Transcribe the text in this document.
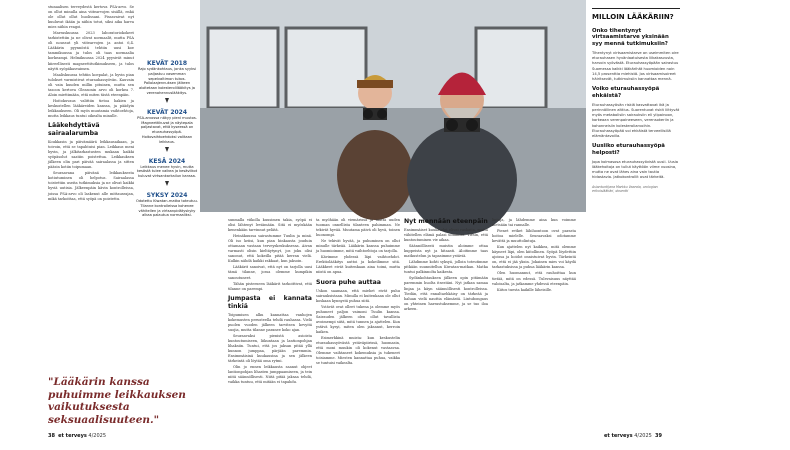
stunaalisen terveydestä kertova PSA-arvo. Se on ollut minulla aina viitearvojen sisällä, enkä ole ollut ollut huolissani. Pissavaivat nyt kuuluvat ikään ja niihin totut, siksi aika harva mies niihin reagoi.

Marraskuussa 2023 laboratoriokokeet tarkistettiin ja ne olivat normaalit, mutta PSA oli noussut yli viitearvojen ja antoi 6,4. Lääkärin pyynnöstä tehtiin uusi koe tammikuussa ja tulos oli taas normaalia korkeampi. Helmikuussa 2024 pyysivät minut kiireellisesti magneettitutkimukseen, ja tulos näytti syöpäkasvaimen.

Maaliskuussa tehtiin koepalat, ja hyvin pian tulokset varmistivat eturauhassyövän. Kauvain oli vain kuuden millin pituinen, mutta sen tasoon kertova Gleasonin arvo oli korkea 7. Aloin miettimään, että miten tästä eteenpäin.

Hoitokuvaus valittiin tietoa hakien ja keskustellen lääkäreiden kanssa, ja päädyin leikkaukseen. Oli myös muutamia vaihtoehtoja, mutta leikkaus tuntui oikealta minulle.

Lääkehdyttävä sairaalarumba

Koukkasin ja päivämäärä leikkausaikaan, ja toivoin, että se tapahtuisi pian. Leikkaus meni hyvin, ja jälkitarkastusten mukaan kaikki syöpäsolut saatiin poistettua. Leikkauksen jälkeen olin pari päivää sairaalassa ja sitten pääsin kotiin toipumaan.

Seuraavana päivänä leikkauksesta kotiutuminen oli helpotus. Sairaalassa toistettiin useita tutkimuksia ja ne olivat kaikki hyviä uutisia. Jälkeenpäin kävin kontrolleissa, joissa PSA-arvo oli laskenut alle mittausrajan, mikä tarkoittaa, että syöpä on poistettu.

KEVÄT 2018
Rajo sydänkohtaus, jonka syyksi paljastuu vasemman sepelvaltimon tukos. Pallolaajennuksen jälkeen aloitetaan kolesterolilääkitys ja verenohennuslääkitys.
KEVÄT 2024
PSA-arvossa näkyy pieni muutos. Magneettikuvat ja näytepala paljastavat, että kyseessä on eturauhassyöpä. Hoitovaihtoehdoksi valitaan leikkaus.
KESÄ 2024
Leikkaus menee hyvin, mutta kesästä tulee vaikea ja kesäviikot kuluvat virtsankarkailun kanssa.
SYKSY 2024
Odotettu Kiwatan-matka toteutuu. Tilanne kontrolleissa kohenee vähitellen ja virtsanpidätyskyky alkaa palautua normaaliksi.
"Lääkärin kanssa puhuimme leikkauksen vaikutuksesta seksuaalisuuteen."
Lintubongaus on Karin ja Ilkan yhteinen harrastus. "Lintujen parissa voimme tärkeitä kauemmaksi hetkiä, joissa on saumaa ja rauhaa ajatella yhdessä."

sunmalla viikolla kuusimen takia, syöpä ei olisi lähtenyt leviämään. Sitä ei myöskään kenenkään tarvinnut pelätä.

Heinäkuussa sairastumme Tuulin ja minä. Oli iso kriisi, kun pian hinkausta jouduin ottamaan vastaan terveyskeskuksessa. Aivan varmasti olisin kieltäytynyt, jos joku olisi sanonut, että kokeilla pitää kerran vielä. Kulkin nähdä kaikki rakkaat, kun jaksoin.

Lääkärit sanoivat, että nyt on tarjolla uusi tämä tilanne, jossa olemme kumpikin sanoutuneet.

Tähän pisteeseen lääkärit tarkoittivat, että tilanne on parempi.

Jumpasta ei kannata tinkiä

Toipumisen alku kannattaa vanhojen kokemusten perusteella tehdä rauhassa. Vielä puolen vuoden jälkeen tarvitsen kevyitä suojia, mutta tilanne paranee koko ajan.

Seuraavaksi pienistä asioista kuntoutumiseen, liikuntaan ja lantionpohjan lihaksiin. Tuntui, että jos jaksan pitää yllä kunnon jumppaa, pärjään paremmin. Ensimmäisinä kuukausina ja sen jälkeen tärkeintä oli löytää oma rytmi.

Olin jo ennen leikkausta saanut ohjeet lantionpohjan lihasten jumppaamiseen, ja tein niitä säännöllisesti. Niitä pitää jaksaa tehdä, vaikka tuntuu, että mitään ei tapahdu.

ta myöhään oli viemärissä ja mutta uuden tuoman onnellista tilanteen pahimman. Ne tekivät hyvää. Muutama päivä oli hyvä, toinen huonompi.

Ne tekivät hyvää, ja puhuminen on ollut minulle tärkeää. Lääkärin kanssa puhuimme ja huomioimme, mitä vaihtoehtoja on tarjolla.

Kävimme yhdessä läpi vaihtoehdot. Erektiolääkitys auttoi ja kokeilimme sitä. Lääkkeet eivät kuitenkaan aina toimi, mutta niistä on apua.

Suora puhe auttaa

Uskon saamaan, että miehet eivät puhu sairauksistaan. Minulla ei kuitenkaan ole ollut koskaan kynnystä puhua siitä.

Ystävät ovat olleet tukena ja olemme myös puhuneet paljon vaimoni Tuulin kanssa. Sairauden jälkeen olen ollut tavallista avoimempi siitä, mitä tunnen ja ajattelen. Kun ystävä kysyi, miten olen jaksanut, kerroin kaiken.

Esimerkkinä muista: kun keskustelin eturauhassyövästä ystäväpiirissä, huomasin, että moni muukin oli kokenut vastaavaa. Olemme vaihtaneet kokemuksia ja tukeneet toisiamme. Miesten kannattaa puhua, vaikka se tuntuisi vaikealta.

Nyt mennään eteenpäin

Ensimmäiset kuukaudet olivat raskaita, mutta vähitellen elämä palasi uomiinsa. Tiesin, että kuntoutuminen vie aikaa.

Säännöllisesti muistin aloimme ottaa kuppeista nyt ja hitaasti. Aloitimme taas matkustelun ja tapasimme ystäviä.

Lähdimme kohti syksyä, jolloin toteutimme pitkään suunnitellun Kiwatan-matkan. Matka tuntui palkinnolta kaikesta.

Sydänkohtauksen jälkeen opin pitämään paremmin huolta itsestäni. Nyt jatkan samaa linjaa ja käyn säännöllisesti kontrolleissa. Tiedän, että ennaltaehkäisy on tärkeää ja haluan vielä nauttia elämästä. Lintubongaus on yhteinen harrastuksemme, ja se tuo iloa arkeen.

lintuja, ja lähdemme aina kun voimme metsään tai rannalle.

Pienet retket lähiluontoon ovat parasta hoitoa mielelle. Seuraavaksi odotamme kevättä ja muuttolintuja.

Kun ajattelen nyt kaikkea, mitä olemme käyneet läpi, olen kiitollinen. Syöpä löydettiin ajoissa ja hoidot onnistuivat hyvin. Tärkeintä on, että ei jää yksin. Jokainen mies voi käydä tarkastuksissa ja puhua lääkärin kanssa.

Olen huomannut, että rauhoittaa kun tietää, mitä on edessä. Tulevaisuus näyttää valoisalta, ja jatkamme yhdessä eteenpäin.

Kiitos tuesta kaikille läheisille.

MILLOIN LÄÄKÄRIIN?
Onko tihentynyt virtsaamistarve yksinään syy mennä tutkimuksiin?
Tihentynyt virtsaamistarve on useimmiten oire eturauhasen hyvänlaatuisesta liikakasvusta, harvoin syövästä. Eturauhassyöpään sairastuu Suomessa kaikki lääkärihät huomioiden noin 14,5 prosenttia miehistä. Jos virtsaamisoireet häiritsevät, tutkimuksiin kannattaa mennä.
Voiko eturauhassyöpä ehkäistä?
Eturauhassyövän riskiä kasvattavat ikä ja perinnöllinen alttius. Suorentuvat riskit liittyvät myös metabolisiin sairauksiin eli ylipainoon, korkeaan verenpaineeseen, verensokeriin ja kohonneisiin kolesteroliarvoihin. Eturauhassyöpää voi ehkäistä terveellisillä elämäntavoilla.
Uusiiko eturauhassyöpä helposti?
Jopa kolmasosa eturauhassyövistä uusii. Uusia lääkehoitoja on tullut käyttöön viime vuosina, mutta ne ovat lähes aina vain tautia hidastavia. Jatkokontrollit ovat tärkeitä.
Asiantuntijana Markku Vaarala, urologian erikoislääkäri, dosentti
38 et terveys 4/2025	et terveys 4/2025 39
